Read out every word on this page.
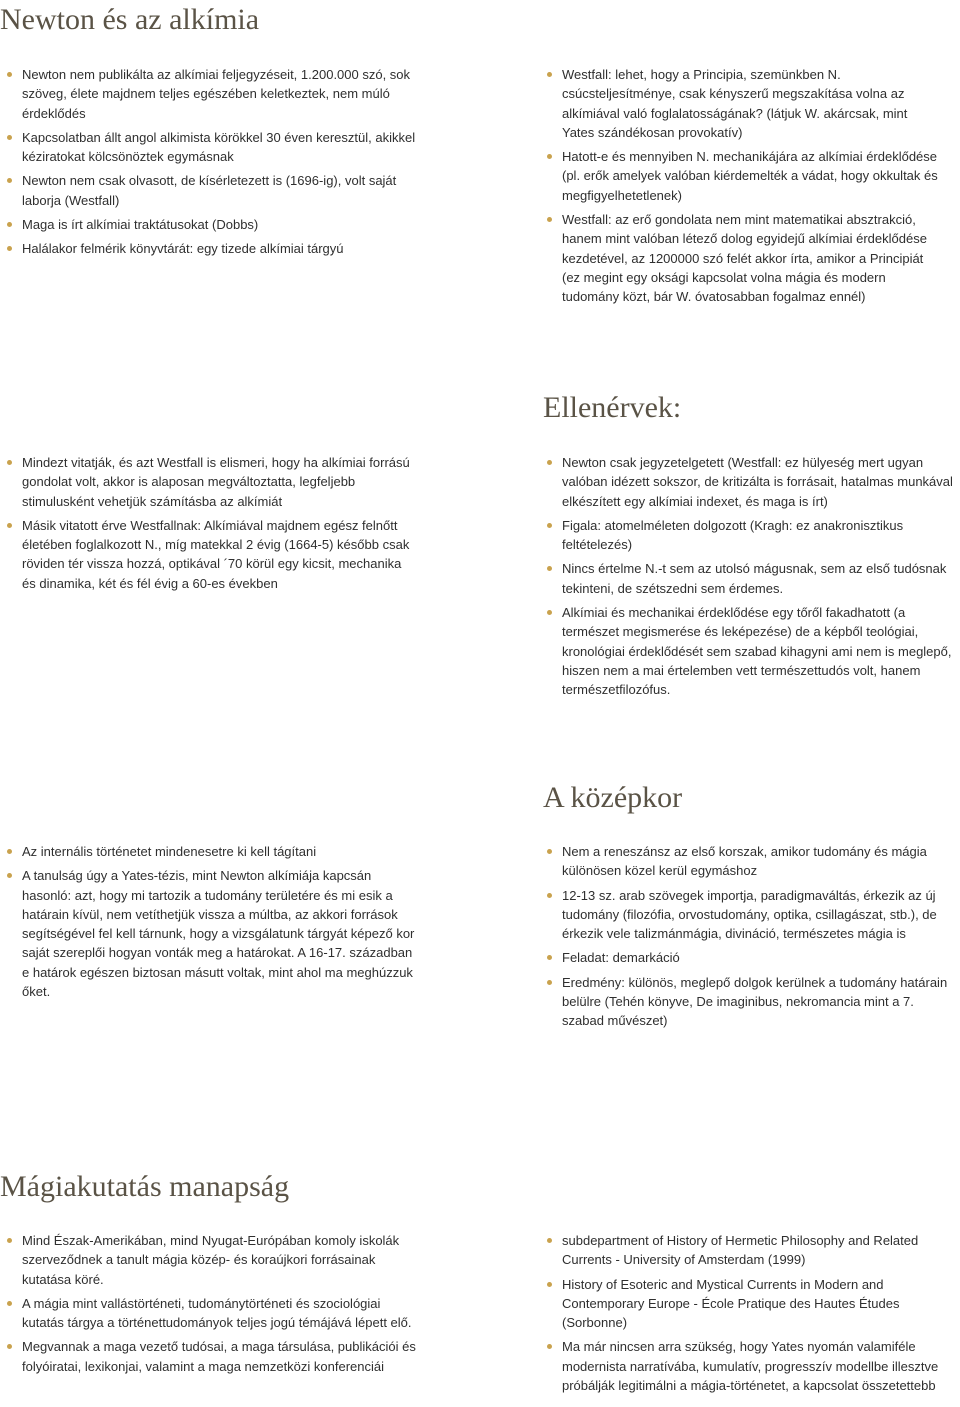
Newton és az alkímia
Newton nem publikálta az alkímiai feljegyzéseit, 1.200.000 szó, sok szöveg, élete majdnem teljes egészében keletkeztek, nem múló érdeklődés
Kapcsolatban állt angol alkimista körökkel 30 éven keresztül, akikkel kéziratokat kölcsönöztek egymásnak
Newton nem csak olvasott, de kísérletezett is (1696-ig), volt saját laborja (Westfall)
Maga is írt alkímiai traktátusokat (Dobbs)
Halálakor felmérik könyvtárát: egy tizede alkímiai tárgyú
Westfall: lehet, hogy a Principia, szemünkben N. csúcsteljesítménye, csak kényszerű megszakítása volna az alkímiával való foglalatosságának? (látjuk W. akárcsak, mint Yates szándékosan provokatív)
Hatott-e és mennyiben N. mechanikájára az alkímiai érdeklődése (pl. erők amelyek valóban kiérdemelték a vádat, hogy okkultak és megfigyelhetetlenek)
Westfall: az erő gondolata nem mint matematikai absztrakció, hanem mint valóban létező dolog egyidejű alkímiai érdeklődése kezdetével, az 1200000 szó felét akkor írta, amikor a Principiát (ez megint egy oksági kapcsolat volna mágia és modern tudomány közt, bár W. óvatosabban fogalmaz ennél)
Ellenérvek:
Mindezt vitatják, és azt Westfall is elismeri, hogy ha alkímiai forrású gondolat volt, akkor is alaposan megváltoztatta, legfeljebb stimulusként vehetjük számításba az alkímiát
Másik vitatott érve Westfallnak: Alkímiával majdnem egész felnőtt életében foglalkozott N., míg matekkal 2 évig (1664-5) később csak röviden tér vissza hozzá, optikával ´70 körül egy kicsit, mechanika és dinamika, két és fél évig a 60-es években
Newton csak jegyzetelgetett (Westfall: ez hülyeség mert ugyan valóban idézett sokszor, de kritizálta is forrásait, hatalmas munkával elkészített egy alkímiai indexet, és maga is írt)
Figala: atomelméleten dolgozott (Kragh: ez anakronisztikus feltételezés)
Nincs értelme N.-t sem az utolsó mágusnak, sem az első tudósnak tekinteni, de szétszedni sem érdemes.
Alkímiai és mechanikai érdeklődése egy tőről fakadhatott (a természet megismerése és leképezése) de a képből teológiai, kronológiai érdeklődését sem szabad kihagyni ami nem is meglepő, hiszen nem a mai értelemben vett természettudós volt, hanem természetfilozófus.
A középkor
Az internális történetet mindenesetre ki kell tágítani
A tanulság úgy a Yates-tézis, mint Newton alkímiája kapcsán hasonló: azt, hogy mi tartozik a tudomány területére és mi esik a határain kívül, nem vetíthetjük vissza a múltba, az akkori források segítségével fel kell tárnunk, hogy a vizsgálatunk tárgyát képező kor saját szereplői hogyan vonták meg a határokat. A 16-17. században e határok egészen biztosan másutt voltak, mint ahol ma meghúzzuk őket.
Nem a reneszánsz az első korszak, amikor tudomány és mágia különösen közel kerül egymáshoz
12-13 sz. arab szövegek importja, paradigmaváltás, érkezik az új tudomány (filozófia, orvostudomány, optika, csillagászat, stb.), de érkezik vele talizmánmágia, divináció, természetes mágia is
Feladat: demarkáció
Eredmény: különös, meglepő dolgok kerülnek a tudomány határain belülre (Tehén könyve, De imaginibus, nekromancia mint a 7. szabad művészet)
Mágiakutatás manapság
Mind Észak-Amerikában, mind Nyugat-Európában komoly iskolák szerveződnek a tanult mágia közép- és koraújkori forrásainak kutatása köré.
A mágia mint vallástörténeti, tudománytörténeti és szociológiai kutatás tárgya a történettudományok teljes jogú témájává lépett elő.
Megvannak a maga vezető tudósai, a maga társulása, publikációi és folyóiratai, lexikonjai, valamint a maga nemzetközi konferenciái
subdepartment of History of Hermetic Philosophy and Related Currents - University of Amsterdam (1999)
History of Esoteric and Mystical Currents in Modern and Contemporary Europe - École Pratique des Hautes Études (Sorbonne)
Ma már nincsen arra szükség, hogy Yates nyomán valamiféle modernista narratívába, kumulatív, progresszív modellbe illesztve próbálják legitimálni a mágia-történetet, a kapcsolat összetettebb
